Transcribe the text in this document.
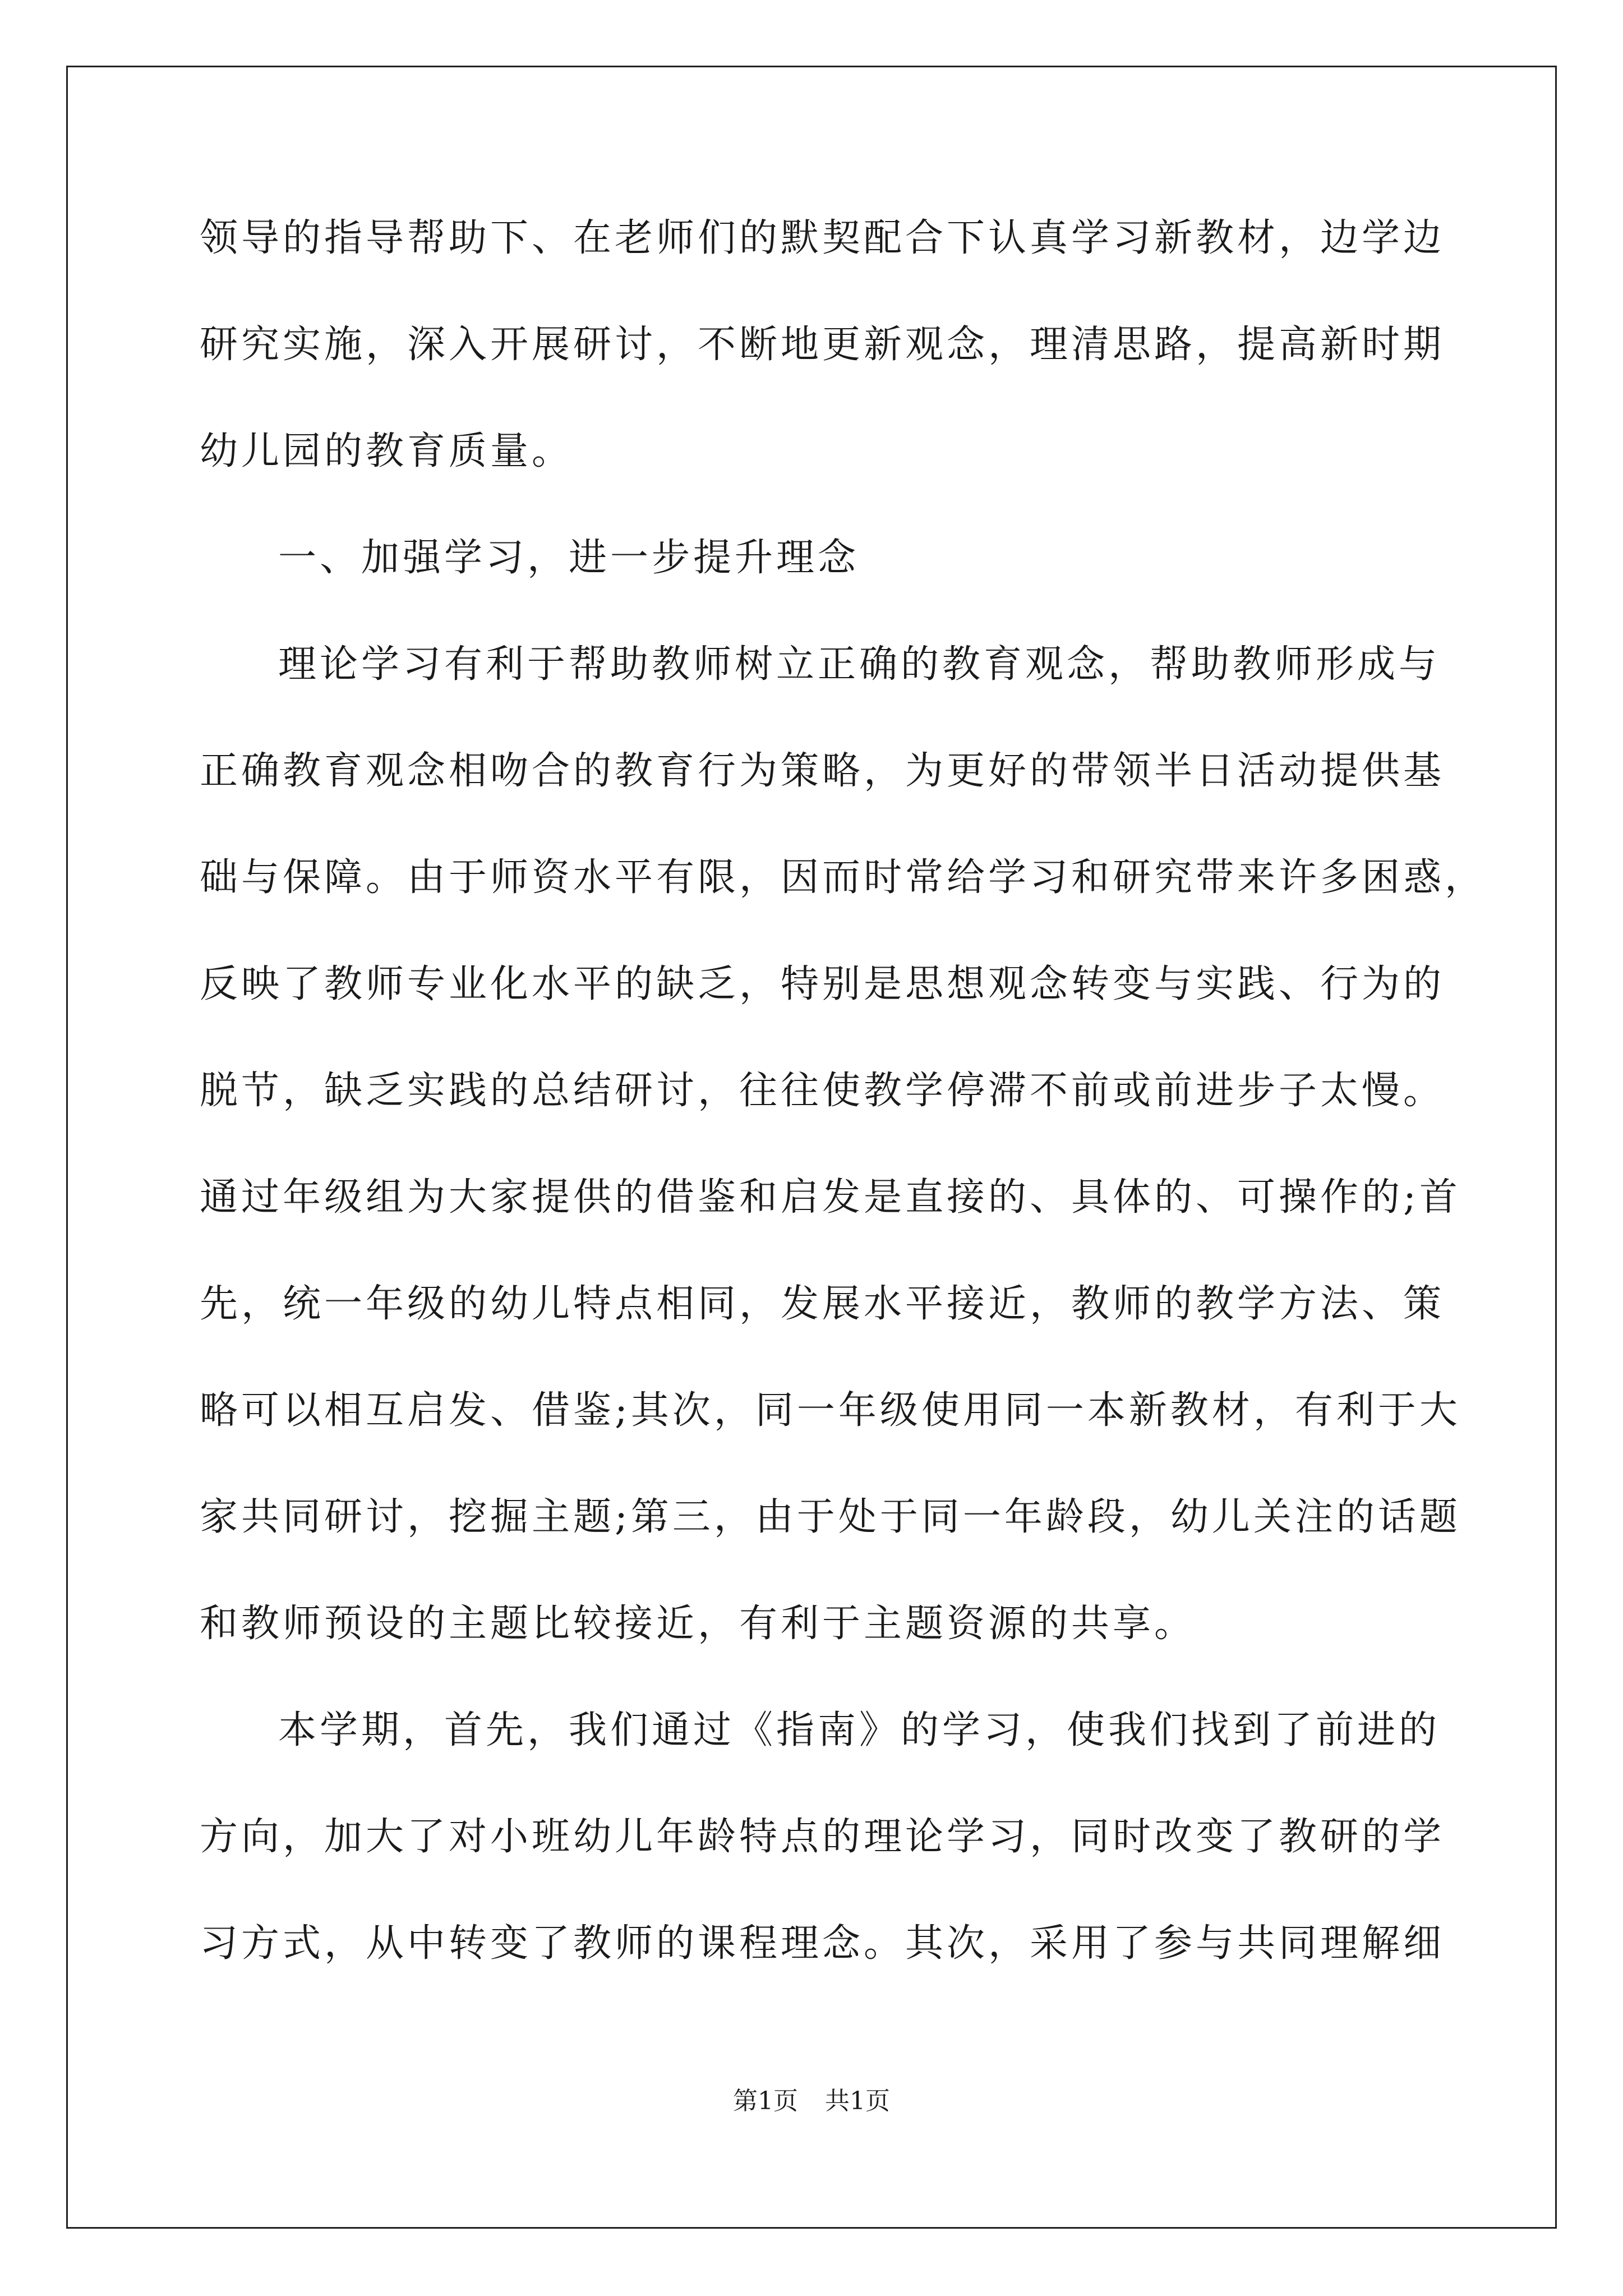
领导的指导帮助下、在老师们的默契配合下认真学习新教材，边学边
研究实施，深入开展研讨，不断地更新观念，理清思路，提高新时期
幼儿园的教育质量。
一、加强学习，进一步提升理念
理论学习有利于帮助教师树立正确的教育观念，帮助教师形成与
正确教育观念相吻合的教育行为策略，为更好的带领半日活动提供基
础与保障。由于师资水平有限，因而时常给学习和研究带来许多困惑，
反映了教师专业化水平的缺乏，特别是思想观念转变与实践、行为的
脱节，缺乏实践的总结研讨，往往使教学停滞不前或前进步子太慢。
通过年级组为大家提供的借鉴和启发是直接的、具体的、可操作的;首
先，统一年级的幼儿特点相同，发展水平接近，教师的教学方法、策
略可以相互启发、借鉴;其次，同一年级使用同一本新教材，有利于大
家共同研讨，挖掘主题;第三，由于处于同一年龄段，幼儿关注的话题
和教师预设的主题比较接近，有利于主题资源的共享。
本学期，首先，我们通过《指南》的学习，使我们找到了前进的
方向，加大了对小班幼儿年龄特点的理论学习，同时改变了教研的学
习方式，从中转变了教师的课程理念。其次，采用了参与共同理解细
第1页 共1页
